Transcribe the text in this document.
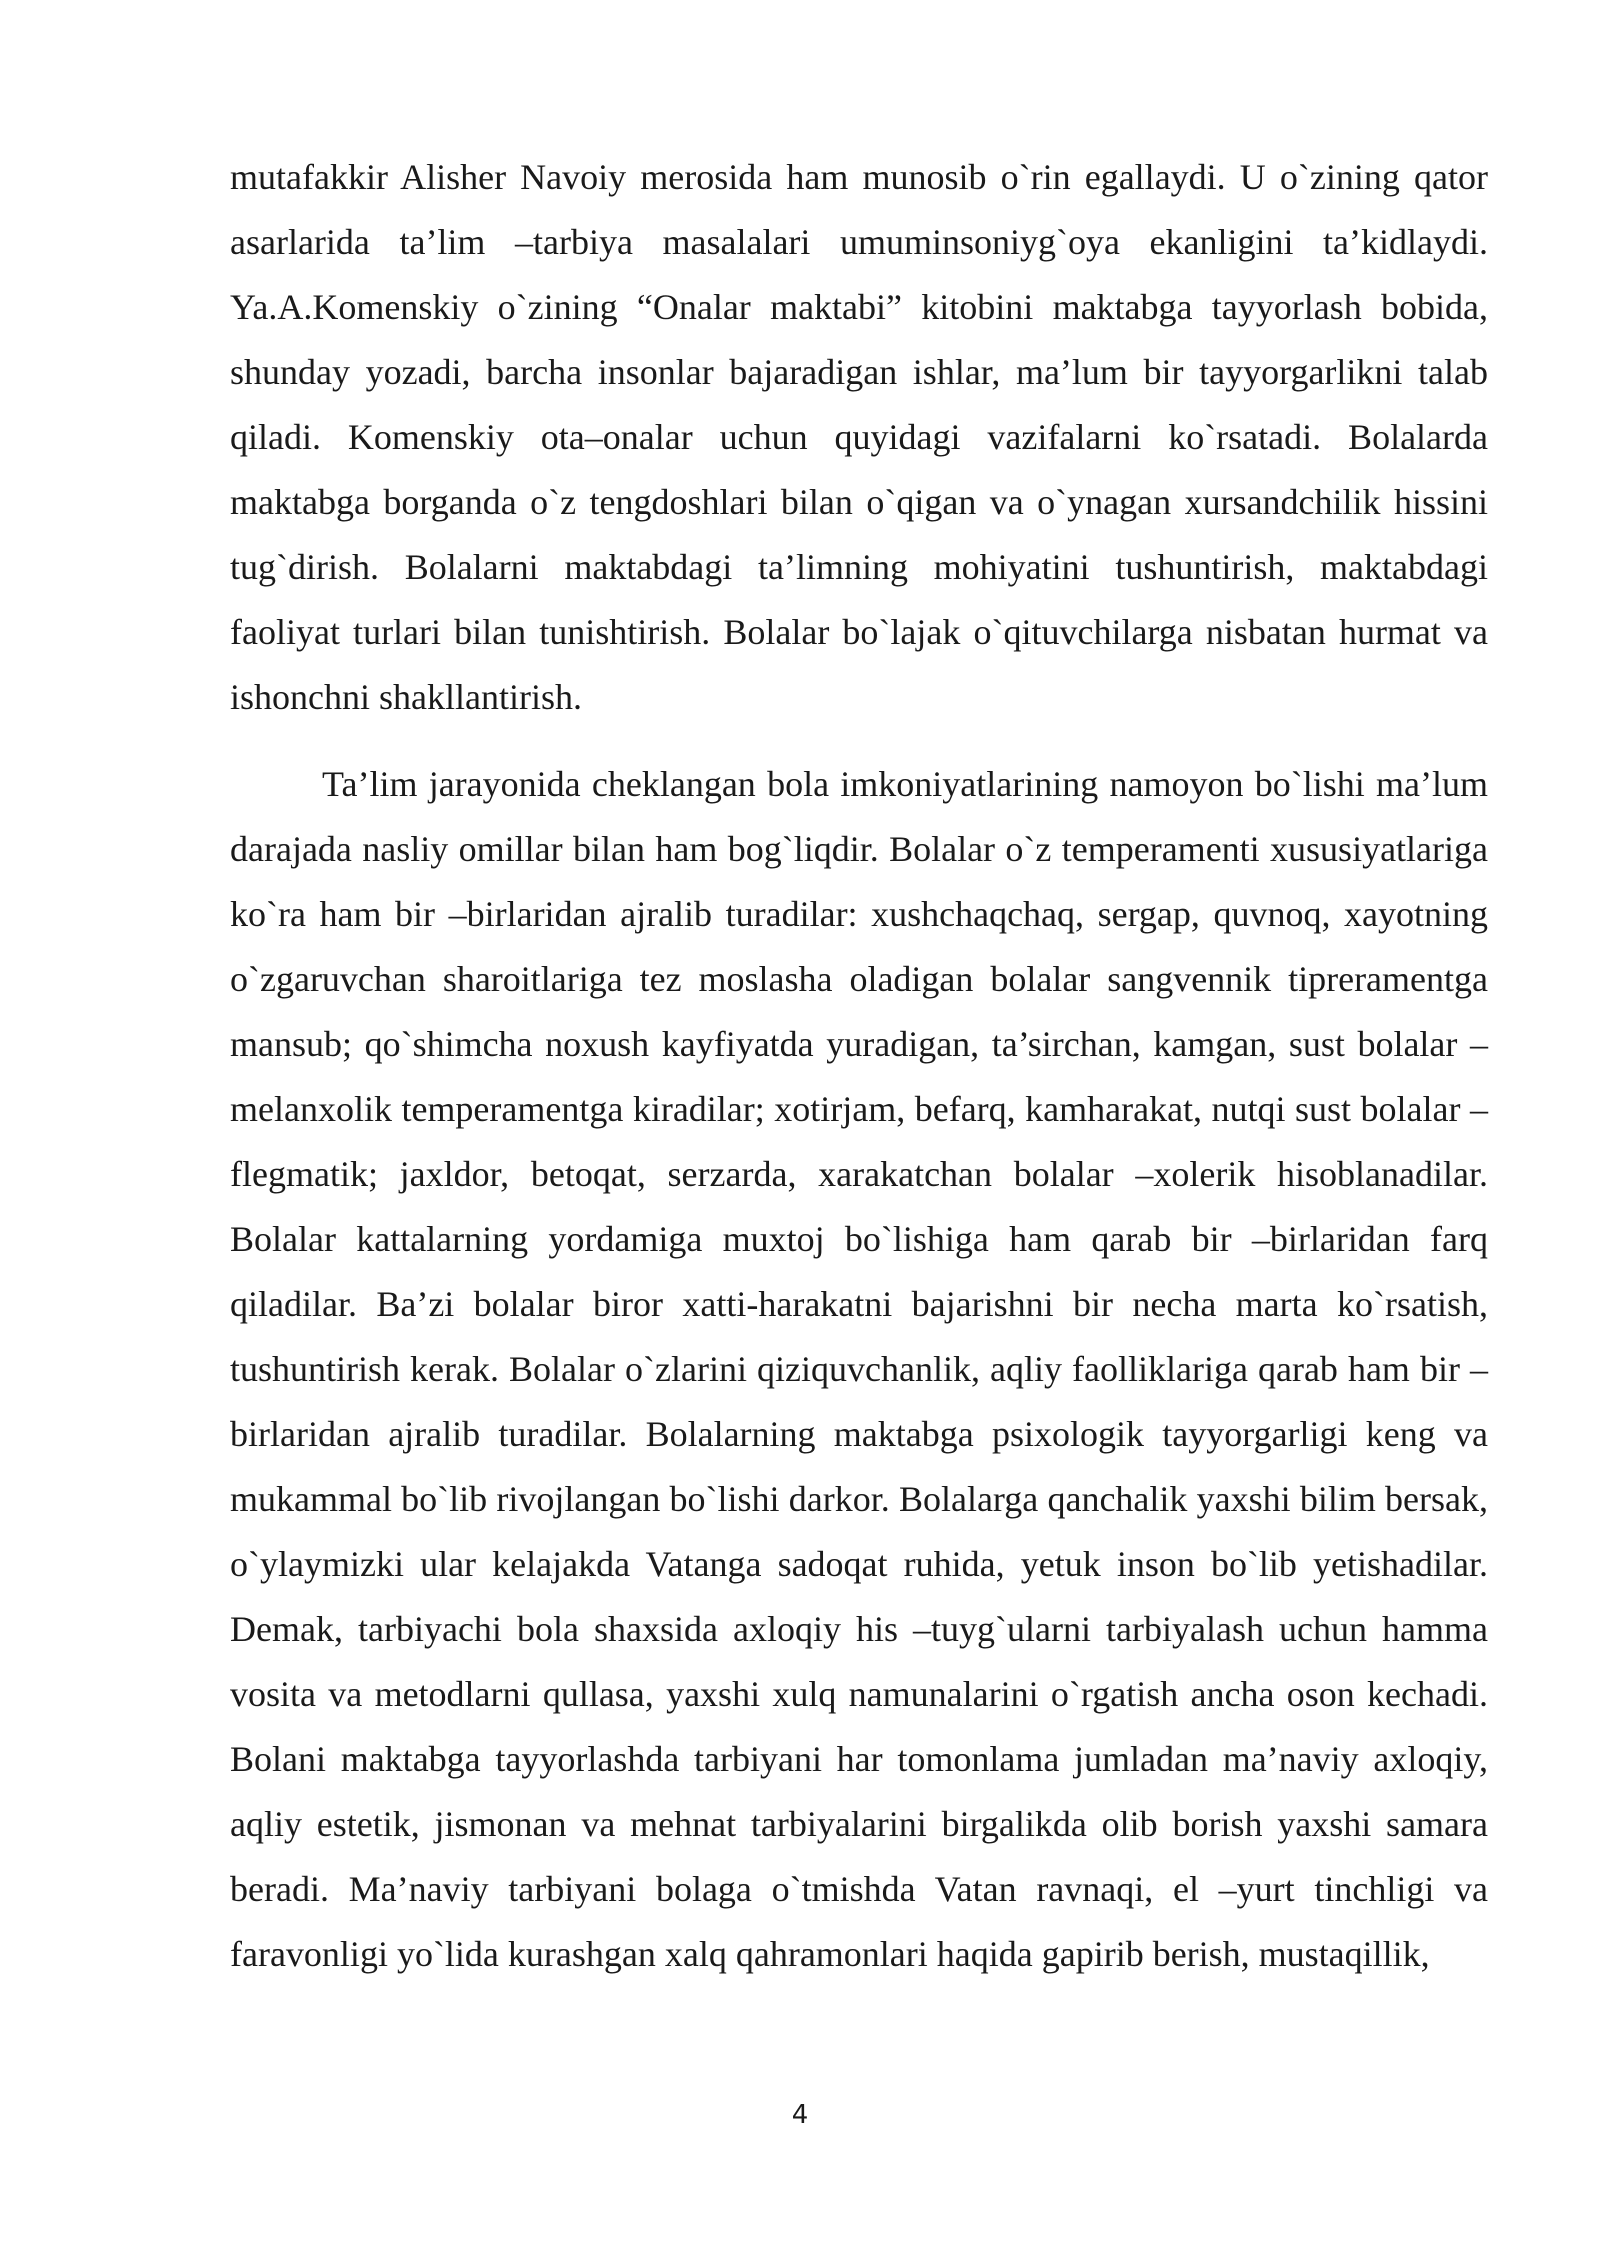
mutafakkir Alisher Navoiy merosida ham munosib o`rin egallaydi. U o`zining qator asarlarida ta’lim –tarbiya masalalari umuminsoniyg`oya ekanligini ta’kidlaydi. Ya.A.Komenskiy o`zining “Onalar maktabi” kitobini maktabga tayyorlash bobida, shunday yozadi, barcha insonlar bajaradigan ishlar, ma’lum bir tayyorgarlikni talab qiladi. Komenskiy ota–onalar uchun quyidagi vazifalarni ko`rsatadi. Bolalarda maktabga borganda o`z tengdoshlari bilan o`qigan va o`ynagan xursandchilik hissini tug`dirish. Bolalarni maktabdagi ta’limning mohiyatini tushuntirish, maktabdagi faoliyat turlari bilan tunishtirish. Bolalar bo`lajak o`qituvchilarga nisbatan hurmat va ishonchni shakllantirish.

Ta’lim jarayonida cheklangan bola imkoniyatlarining namoyon bo`lishi ma’lum darajada nasliy omillar bilan ham bog`liqdir. Bolalar o`z temperamenti xususiyatlariga ko`ra ham bir –birlaridan ajralib turadilar: xushchaqchaq, sergap, quvnoq, xayotning o`zgaruvchan sharoitlariga tez moslasha oladigan bolalar sangvennik tipreramentga mansub; qo`shimcha noxush kayfiyatda yuradigan, ta’sirchan, kamgan, sust bolalar – melanxolik temperamentga kiradilar; xotirjam, befarq, kamharakat, nutqi sust bolalar –flegmatik; jaxldor, betoqat, serzarda, xarakatchan bolalar –xolerik hisoblanadilar. Bolalar kattalarning yordamiga muxtoj bo`lishiga ham qarab bir –birlaridan farq qiladilar. Ba’zi bolalar biror xatti-harakatni bajarishni bir necha marta ko`rsatish, tushuntirish kerak. Bolalar o`zlarini qiziquvchanlik, aqliy faolliklariga qarab ham bir – birlaridan ajralib turadilar. Bolalarning maktabga psixologik tayyorgarligi keng va mukammal bo`lib rivojlangan bo`lishi darkor. Bolalarga qanchalik yaxshi bilim bersak, o`ylaymizki ular kelajakda Vatanga sadoqat ruhida, yetuk inson bo`lib yetishadilar. Demak, tarbiyachi bola shaxsida axloqiy his –tuyg`ularni tarbiyalash uchun hamma vosita va metodlarni qullasa, yaxshi xulq namunalarini o`rgatish ancha oson kechadi. Bolani maktabga tayyorlashda tarbiyani har tomonlama jumladan ma’naviy axloqiy, aqliy estetik, jismonan va mehnat tarbiyalarini birgalikda olib borish yaxshi samara beradi. Ma’naviy tarbiyani bolaga o`tmishda Vatan ravnaqi, el –yurt tinchligi va faravonligi yo`lida kurashgan xalq qahramonlari haqida gapirib berish, mustaqillik,

4
